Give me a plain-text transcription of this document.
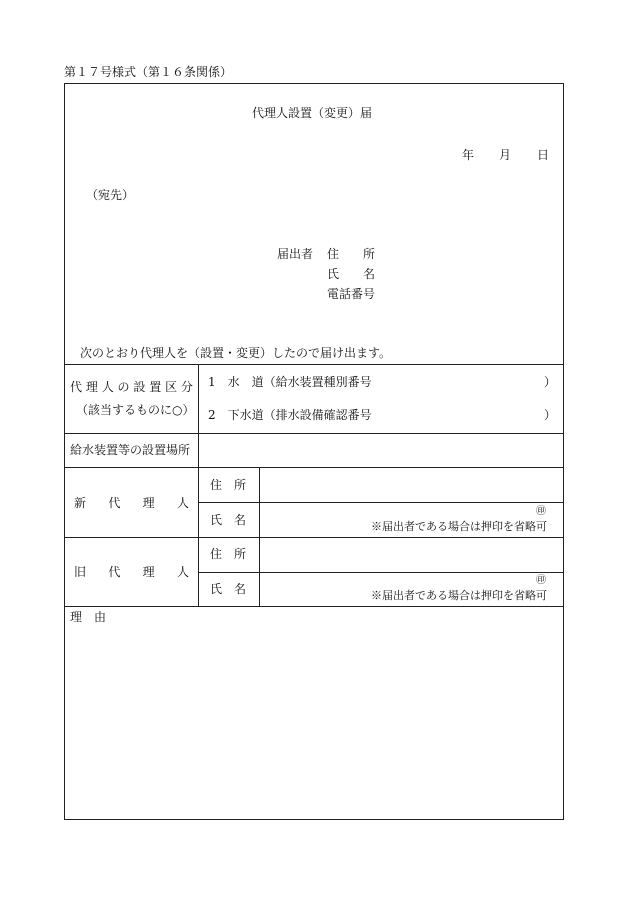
第１７号様式（第１６条関係）
代理人設置（変更）届
年 月 日
（宛先）
届出者 住　　所
氏　　名
電話番号
次のとおり代理人を（設置・変更）したので届け出ます。
代 理 人 の 設 置 区 分
（該当するものに○）
1　水　道（給水装置種別番号	）
2　下水道（排水設備確認番号	）
給水装置等の設置場所
新 代 理 人
住　所
氏　名
㊞
※届出者である場合は押印を省略可
旧 代 理 人
住　所
氏　名
㊞
※届出者である場合は押印を省略可
理　由
